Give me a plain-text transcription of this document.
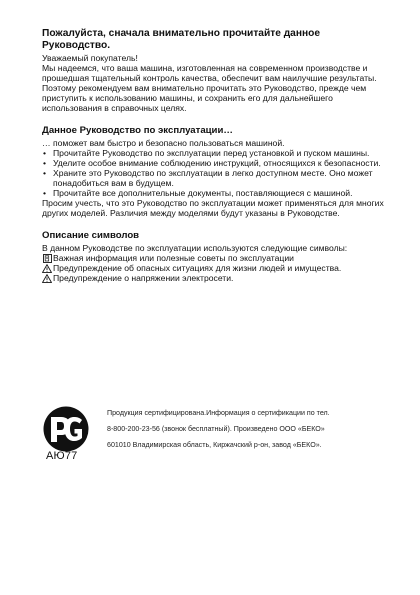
Пожалуйста, сначала внимательно прочитайте данное Руководство.

Уважаемый покупатель!

Мы надеемся, что ваша машина, изготовленная на современном производстве и прошедшая тщательный контроль качества, обеспечит вам наилучшие результаты.

Поэтому рекомендуем вам внимательно прочитать это Руководство, прежде чем приступить к использованию машины, и сохранить его для дальнейшего использования в справочных целях.

Данное Руководство по эксплуатации…

… поможет вам быстро и безопасно пользоваться машиной.

• Прочитайте Руководство по эксплуатации перед установкой и пуском машины.
• Уделите особое внимание соблюдению инструкций, относящихся к безопасности.
• Храните это Руководство по эксплуатации в легко доступном месте. Оно может понадобиться вам в будущем.
• Прочитайте все дополнительные документы, поставляющиеся с машиной.

Просим учесть, что это Руководство по эксплуатации может применяться для многих других моделей. Различия между моделями будут указаны в Руководстве.

Описание символов

В данном Руководстве по эксплуатации используются следующие символы:

Важная информация или полезные советы по эксплуатации
Предупреждение об опасных ситуациях для жизни людей и имущества.
Предупреждение о напряжении электросети.
АЮ77
Продукция сертифицирована.Информация о сертификации по тел.
8-800-200-23-56 (звонок бесплатный). Произведено ООО «БЕКО»
601010 Владимирская область, Киржачский р-он, завод «БЕКО».
